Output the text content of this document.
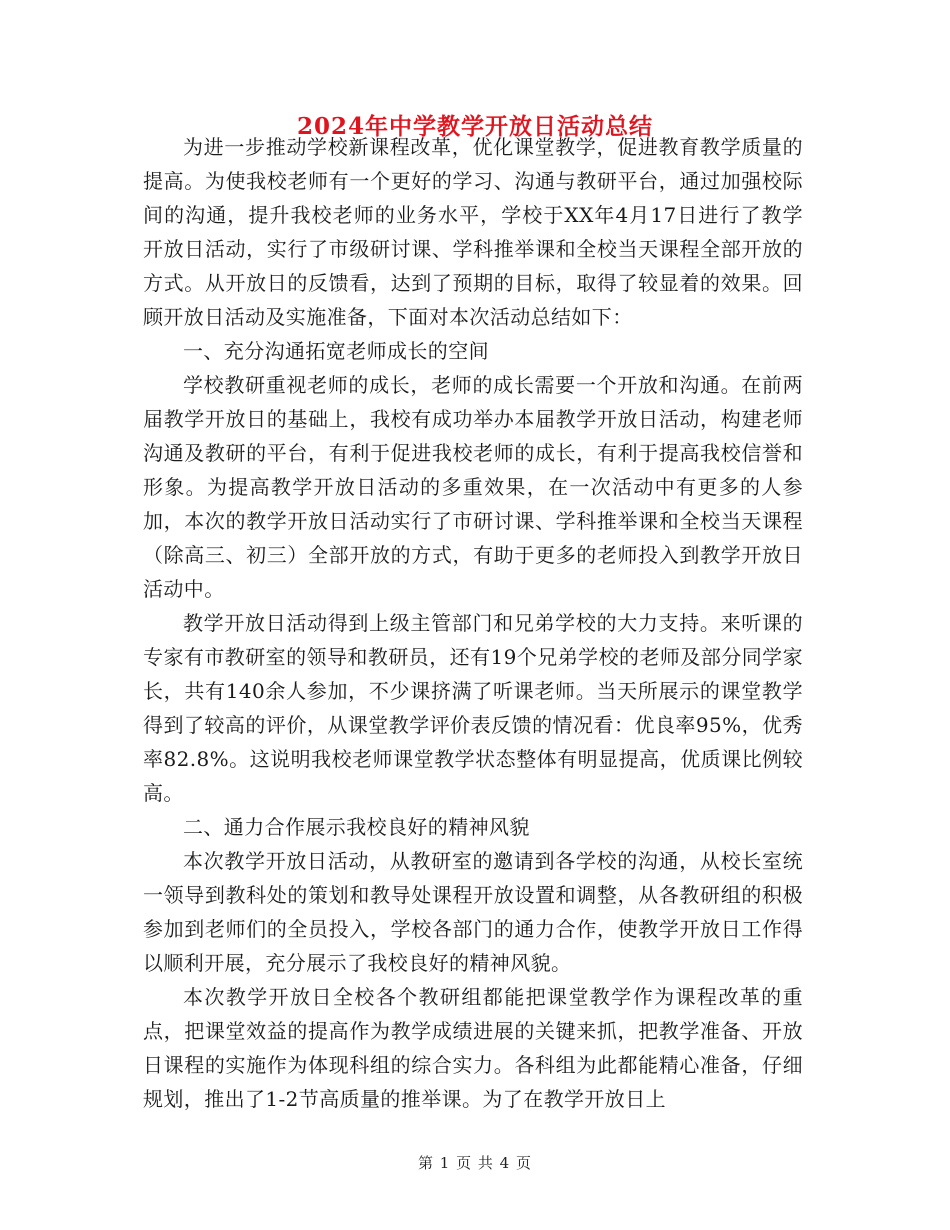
2024年中学教学开放日活动总结

为进一步推动学校新课程改革，优化课堂教学，促进教育教学质量的提高。为使我校老师有一个更好的学习、沟通与教研平台，通过加强校际间的沟通，提升我校老师的业务水平，学校于XX年4月17日进行了教学开放日活动，实行了市级研讨课、学科推举课和全校当天课程全部开放的方式。从开放日的反馈看，达到了预期的目标，取得了较显着的效果。回顾开放日活动及实施准备，下面对本次活动总结如下：

一、充分沟通拓宽老师成长的空间

学校教研重视老师的成长，老师的成长需要一个开放和沟通。在前两届教学开放日的基础上，我校有成功举办本届教学开放日活动，构建老师沟通及教研的平台，有利于促进我校老师的成长，有利于提高我校信誉和形象。为提高教学开放日活动的多重效果，在一次活动中有更多的人参加，本次的教学开放日活动实行了市研讨课、学科推举课和全校当天课程（除高三、初三）全部开放的方式，有助于更多的老师投入到教学开放日活动中。

教学开放日活动得到上级主管部门和兄弟学校的大力支持。来听课的专家有市教研室的领导和教研员，还有19个兄弟学校的老师及部分同学家长，共有140余人参加，不少课挤满了听课老师。当天所展示的课堂教学得到了较高的评价，从课堂教学评价表反馈的情况看：优良率95%，优秀率82.8%。这说明我校老师课堂教学状态整体有明显提高，优质课比例较高。

二、通力合作展示我校良好的精神风貌

本次教学开放日活动，从教研室的邀请到各学校的沟通，从校长室统一领导到教科处的策划和教导处课程开放设置和调整，从各教研组的积极参加到老师们的全员投入，学校各部门的通力合作，使教学开放日工作得以顺利开展，充分展示了我校良好的精神风貌。

本次教学开放日全校各个教研组都能把课堂教学作为课程改革的重点，把课堂效益的提高作为教学成绩进展的关键来抓，把教学准备、开放日课程的实施作为体现科组的综合实力。各科组为此都能精心准备，仔细规划，推出了1-2节高质量的推举课。为了在教学开放日上

第 1 页 共 4 页
